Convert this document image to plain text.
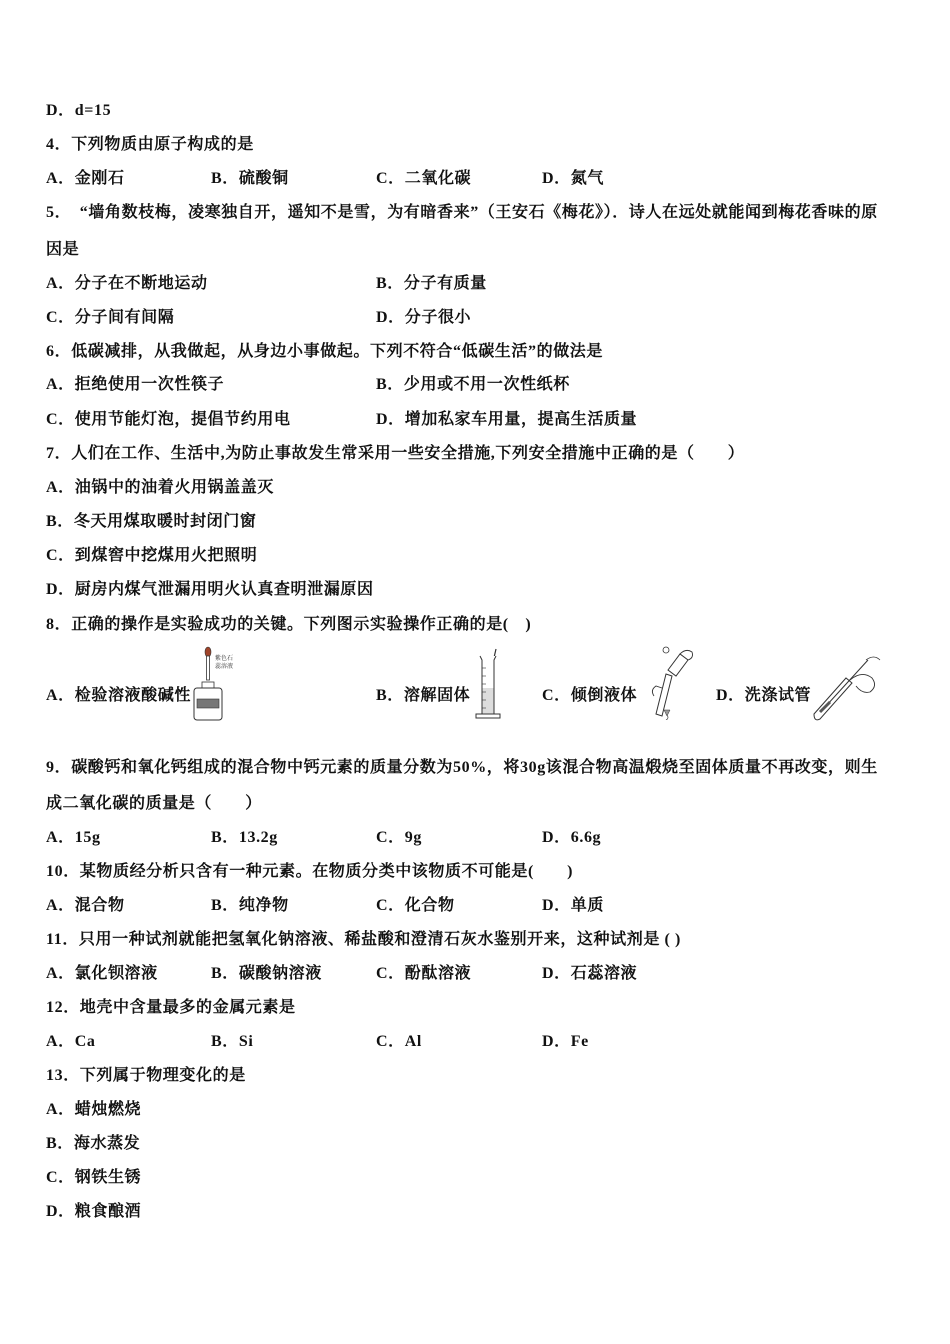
D．d=15
4．下列物质由原子构成的是
A．金刚石	B．硫酸铜	C．二氧化碳	D．氮气
5．　“墙角数枝梅，凌寒独自开，遥知不是雪，为有暗香来”（王安石《梅花》）．诗人在远处就能闻到梅花香味的原
因是
A．分子在不断地运动	B．分子有质量
C．分子间有间隔	D．分子很小
6．低碳减排，从我做起，从身边小事做起。下列不符合“低碳生活”的做法是
A．拒绝使用一次性筷子	B．少用或不用一次性纸杯
C．使用节能灯泡，提倡节约用电	D．增加私家车用量，提高生活质量
7．人们在工作、生活中,为防止事故发生常采用一些安全措施,下列安全措施中正确的是（　　）
A．油锅中的油着火用锅盖盖灭
B．冬天用煤取暖时封闭门窗
C．到煤窖中挖煤用火把照明
D．厨房内煤气泄漏用明火认真查明泄漏原因
8．正确的操作是实验成功的关键。下列图示实验操作正确的是(　)
A．检验溶液酸碱性	B．溶解固体	C．倾倒液体	D．洗涤试管
紫色石
蕊溶液
9．碳酸钙和氧化钙组成的混合物中钙元素的质量分数为50%，将30g该混合物高温煅烧至固体质量不再改变，则生
成二氧化碳的质量是（　　）
A．15g	B．13.2g	C．9g	D．6.6g
10．某物质经分析只含有一种元素。在物质分类中该物质不可能是(　　)
A．混合物	B．纯净物	C．化合物	D．单质
11．只用一种试剂就能把氢氧化钠溶液、稀盐酸和澄清石灰水鉴别开来，这种试剂是 ( )
A．氯化钡溶液	B．碳酸钠溶液	C．酚酞溶液	D．石蕊溶液
12．地壳中含量最多的金属元素是
A．Ca	B．Si	C．Al	D．Fe
13．下列属于物理变化的是
A．蜡烛燃烧
B．海水蒸发
C．钢铁生锈
D．粮食酿酒
